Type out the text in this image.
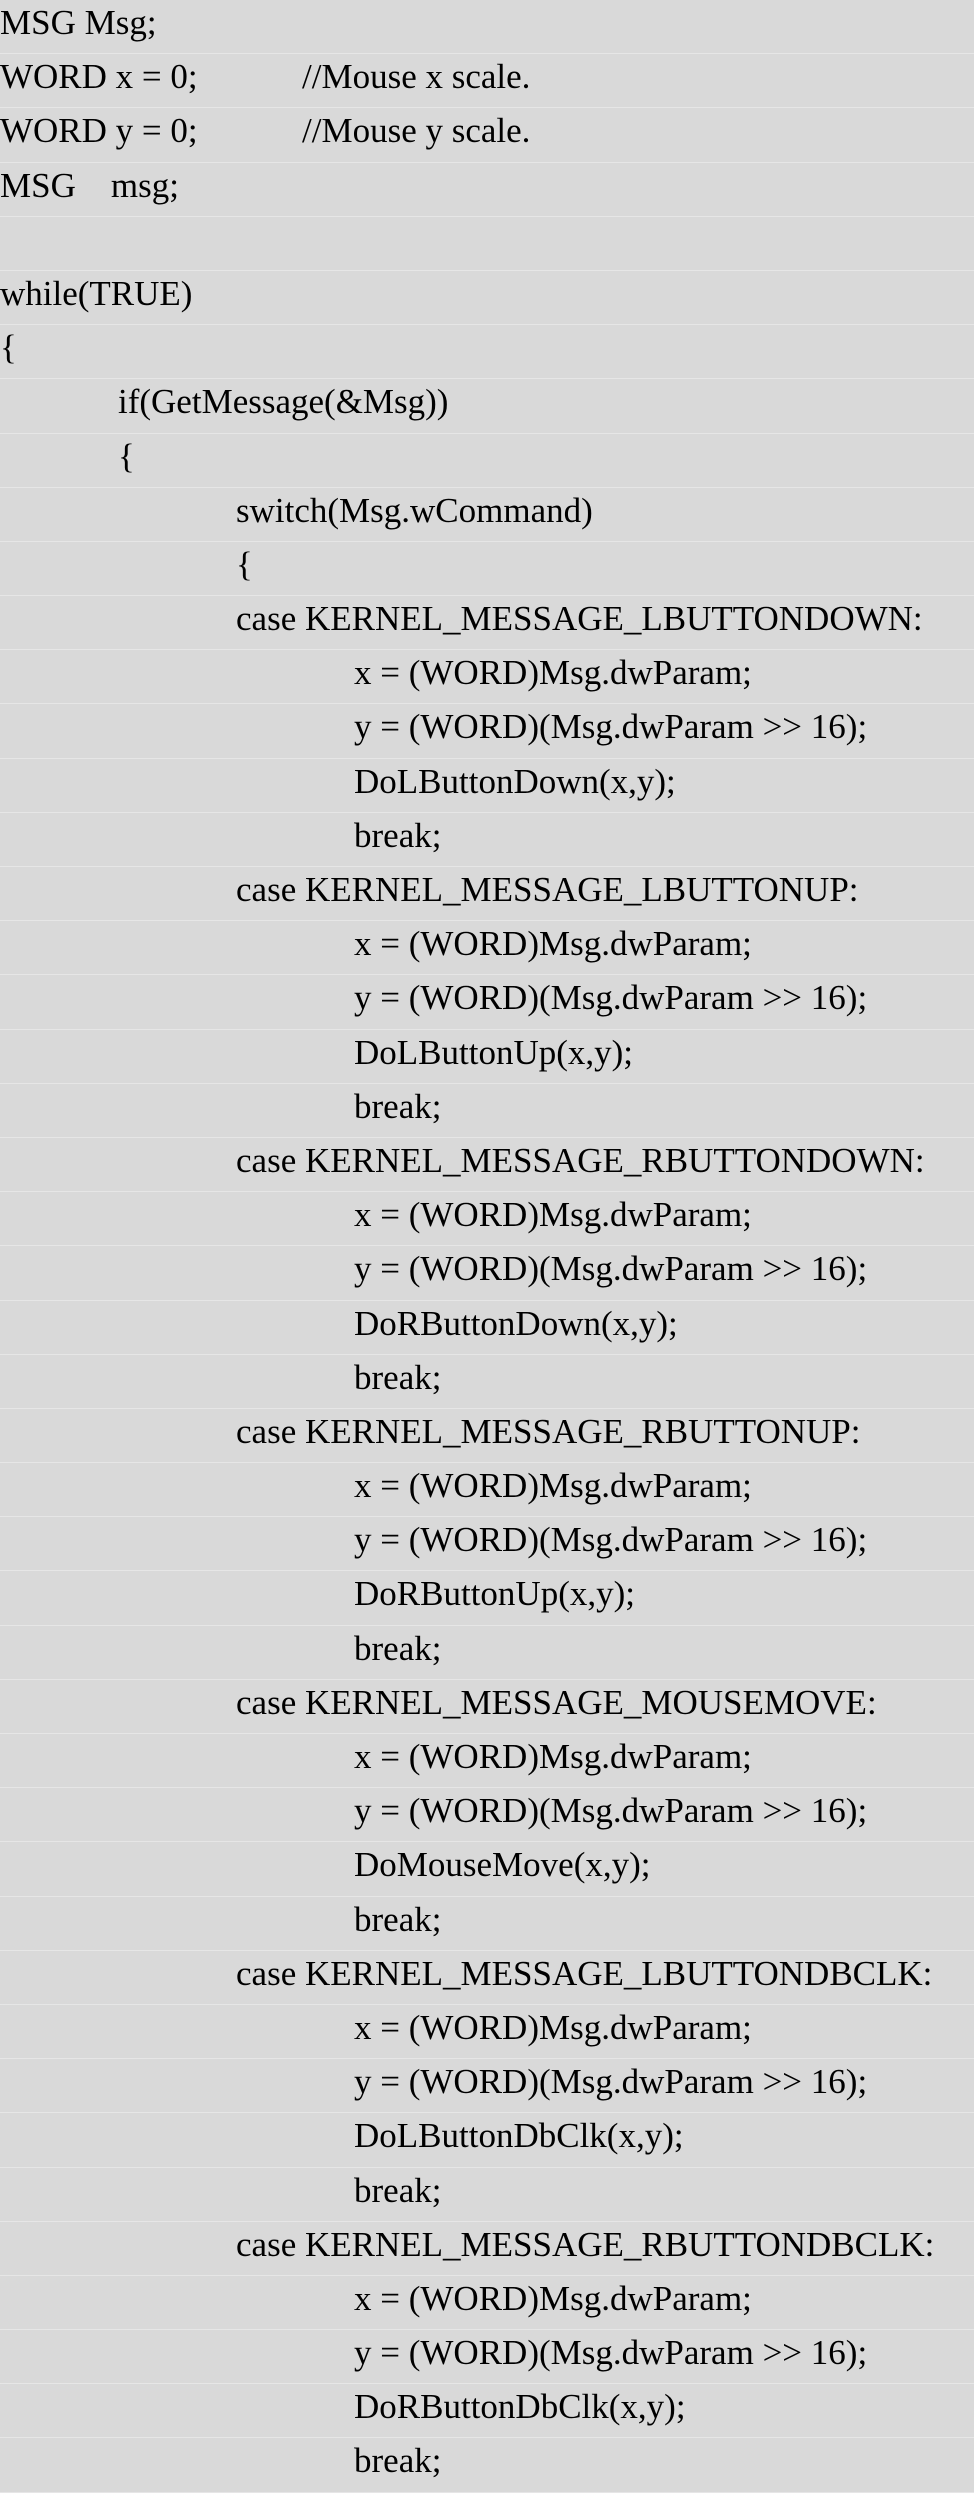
MSG Msg;
WORD x = 0;	//Mouse x scale.
WORD y = 0;	//Mouse y scale.
MSG    msg;
while(TRUE)
{
if(GetMessage(&Msg))
{
switch(Msg.wCommand)
{
case KERNEL_MESSAGE_LBUTTONDOWN:
x = (WORD)Msg.dwParam;
y = (WORD)(Msg.dwParam >> 16);
DoLButtonDown(x,y);
break;
case KERNEL_MESSAGE_LBUTTONUP:
x = (WORD)Msg.dwParam;
y = (WORD)(Msg.dwParam >> 16);
DoLButtonUp(x,y);
break;
case KERNEL_MESSAGE_RBUTTONDOWN:
x = (WORD)Msg.dwParam;
y = (WORD)(Msg.dwParam >> 16);
DoRButtonDown(x,y);
break;
case KERNEL_MESSAGE_RBUTTONUP:
x = (WORD)Msg.dwParam;
y = (WORD)(Msg.dwParam >> 16);
DoRButtonUp(x,y);
break;
case KERNEL_MESSAGE_MOUSEMOVE:
x = (WORD)Msg.dwParam;
y = (WORD)(Msg.dwParam >> 16);
DoMouseMove(x,y);
break;
case KERNEL_MESSAGE_LBUTTONDBCLK:
x = (WORD)Msg.dwParam;
y = (WORD)(Msg.dwParam >> 16);
DoLButtonDbClk(x,y);
break;
case KERNEL_MESSAGE_RBUTTONDBCLK:
x = (WORD)Msg.dwParam;
y = (WORD)(Msg.dwParam >> 16);
DoRButtonDbClk(x,y);
break;
